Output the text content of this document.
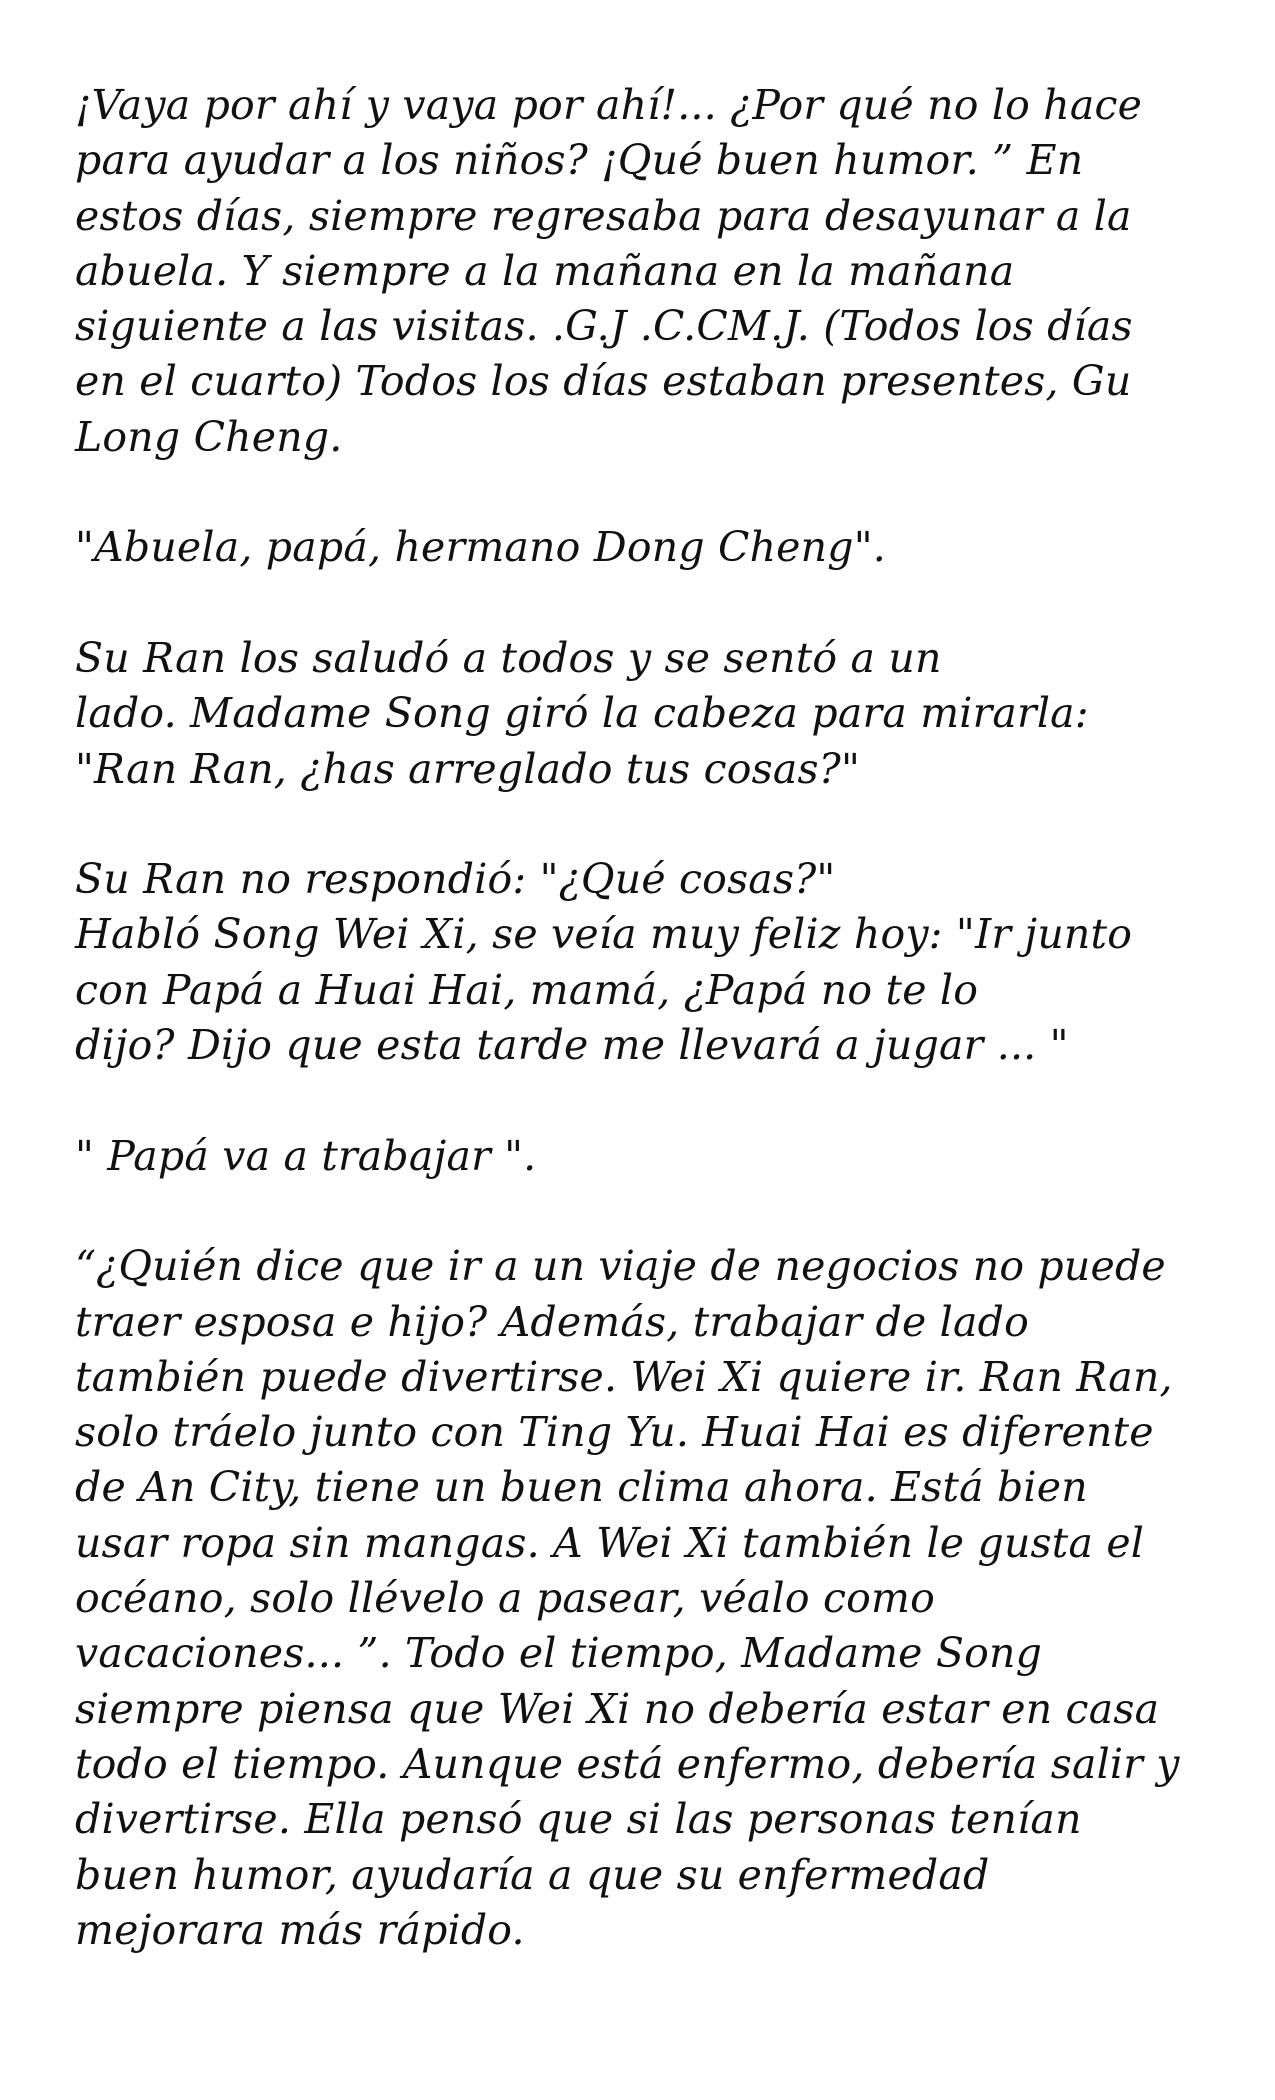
¡Vaya por ahí y vaya por ahí!... ¿Por qué no lo hace
para ayudar a los niños? ¡Qué buen humor. ” En
estos días, siempre regresaba para desayunar a la
abuela. Y siempre a la mañana en la mañana
siguiente a las visitas. .G.J .C.CM.J. (Todos los días
en el cuarto) Todos los días estaban presentes, Gu
Long Cheng.
"Abuela, papá, hermano Dong Cheng".
Su Ran los saludó a todos y se sentó a un
lado. Madame Song giró la cabeza para mirarla:
"Ran Ran, ¿has arreglado tus cosas?"
Su Ran no respondió: "¿Qué cosas?"
Habló Song Wei Xi, se veía muy feliz hoy: "Ir junto
con Papá a Huai Hai, mamá, ¿Papá no te lo
dijo? Dijo que esta tarde me llevará a jugar ... "
" Papá va a trabajar ".
“¿Quién dice que ir a un viaje de negocios no puede
traer esposa e hijo? Además, trabajar de lado
también puede divertirse. Wei Xi quiere ir. Ran Ran,
solo tráelo junto con Ting Yu. Huai Hai es diferente
de An City, tiene un buen clima ahora. Está bien
usar ropa sin mangas. A Wei Xi también le gusta el
océano, solo llévelo a pasear, véalo como
vacaciones... ”. Todo el tiempo, Madame Song
siempre piensa que Wei Xi no debería estar en casa
todo el tiempo. Aunque está enfermo, debería salir y
divertirse. Ella pensó que si las personas tenían
buen humor, ayudaría a que su enfermedad
mejorara más rápido.
